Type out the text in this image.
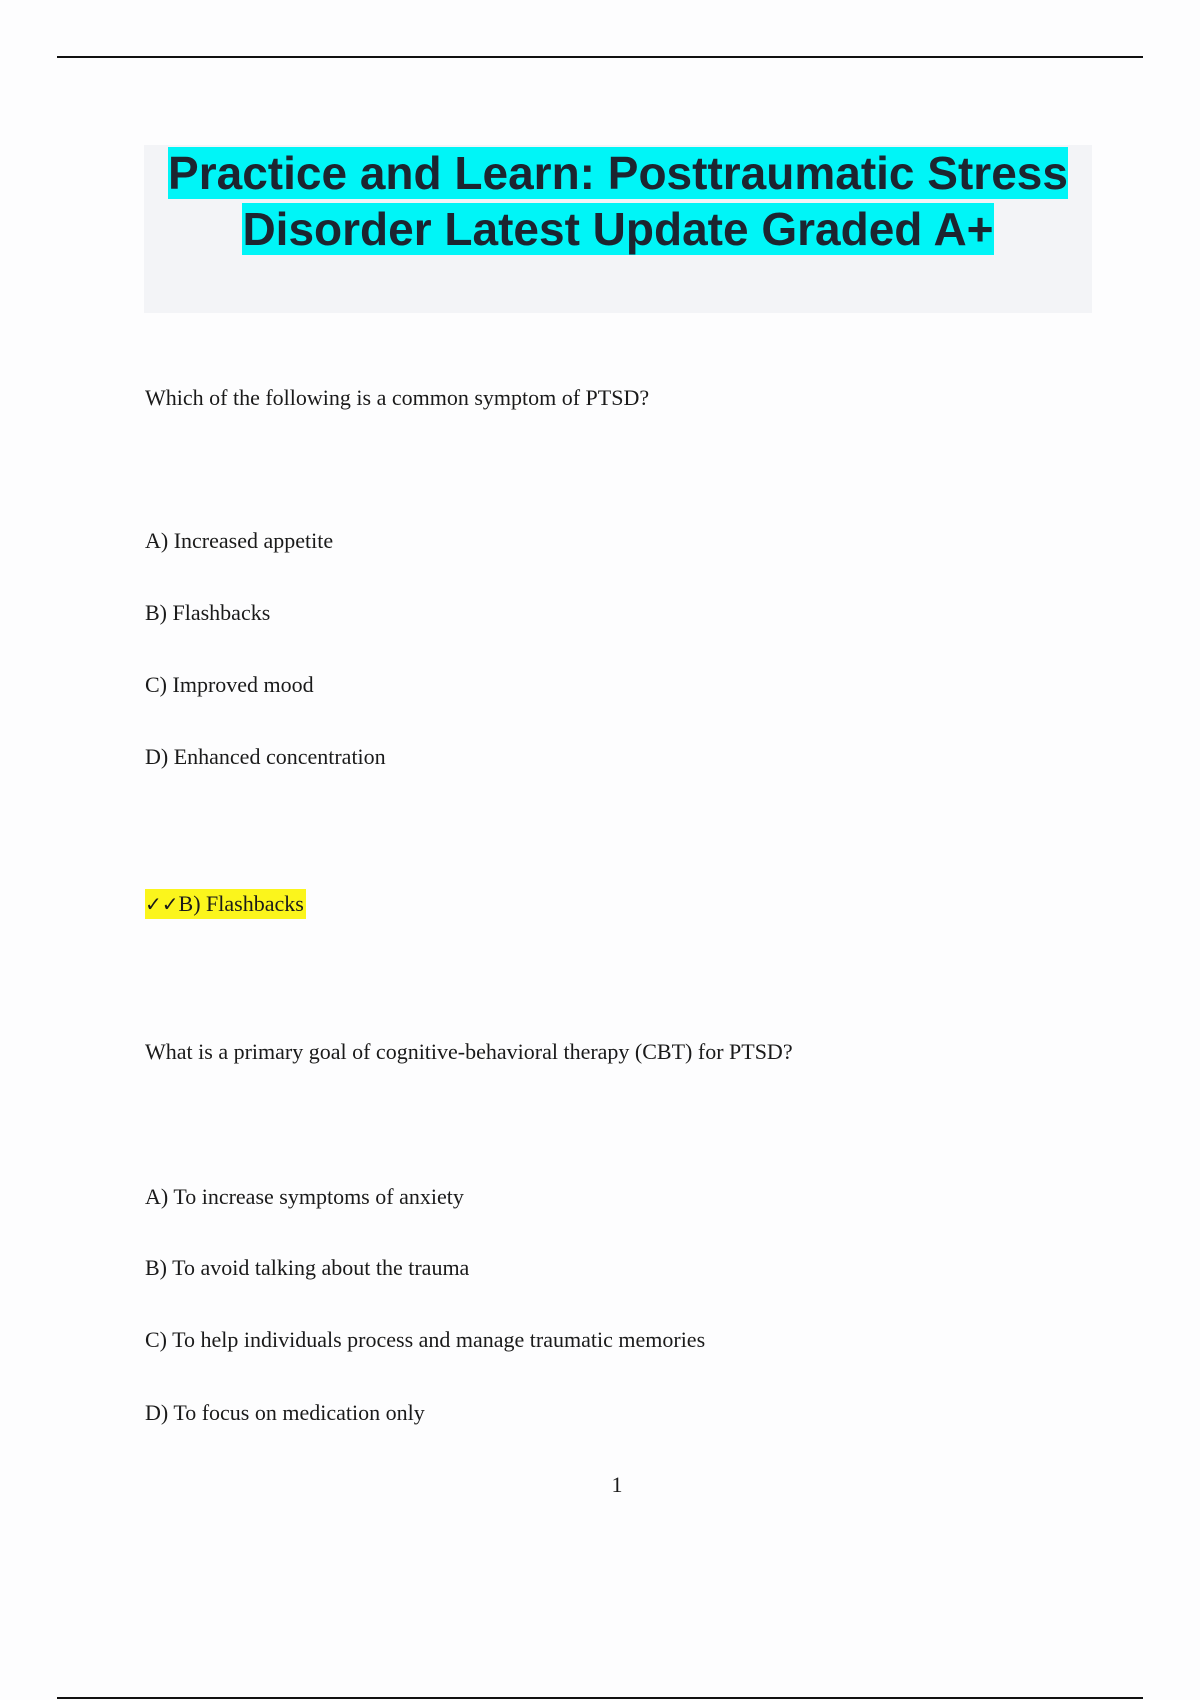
Practice and Learn: Posttraumatic Stress Disorder Latest Update Graded A+
Which of the following is a common symptom of PTSD?
A) Increased appetite
B) Flashbacks
C) Improved mood
D) Enhanced concentration
✓✓B) Flashbacks
What is a primary goal of cognitive-behavioral therapy (CBT) for PTSD?
A) To increase symptoms of anxiety
B) To avoid talking about the trauma
C) To help individuals process and manage traumatic memories
D) To focus on medication only
1
